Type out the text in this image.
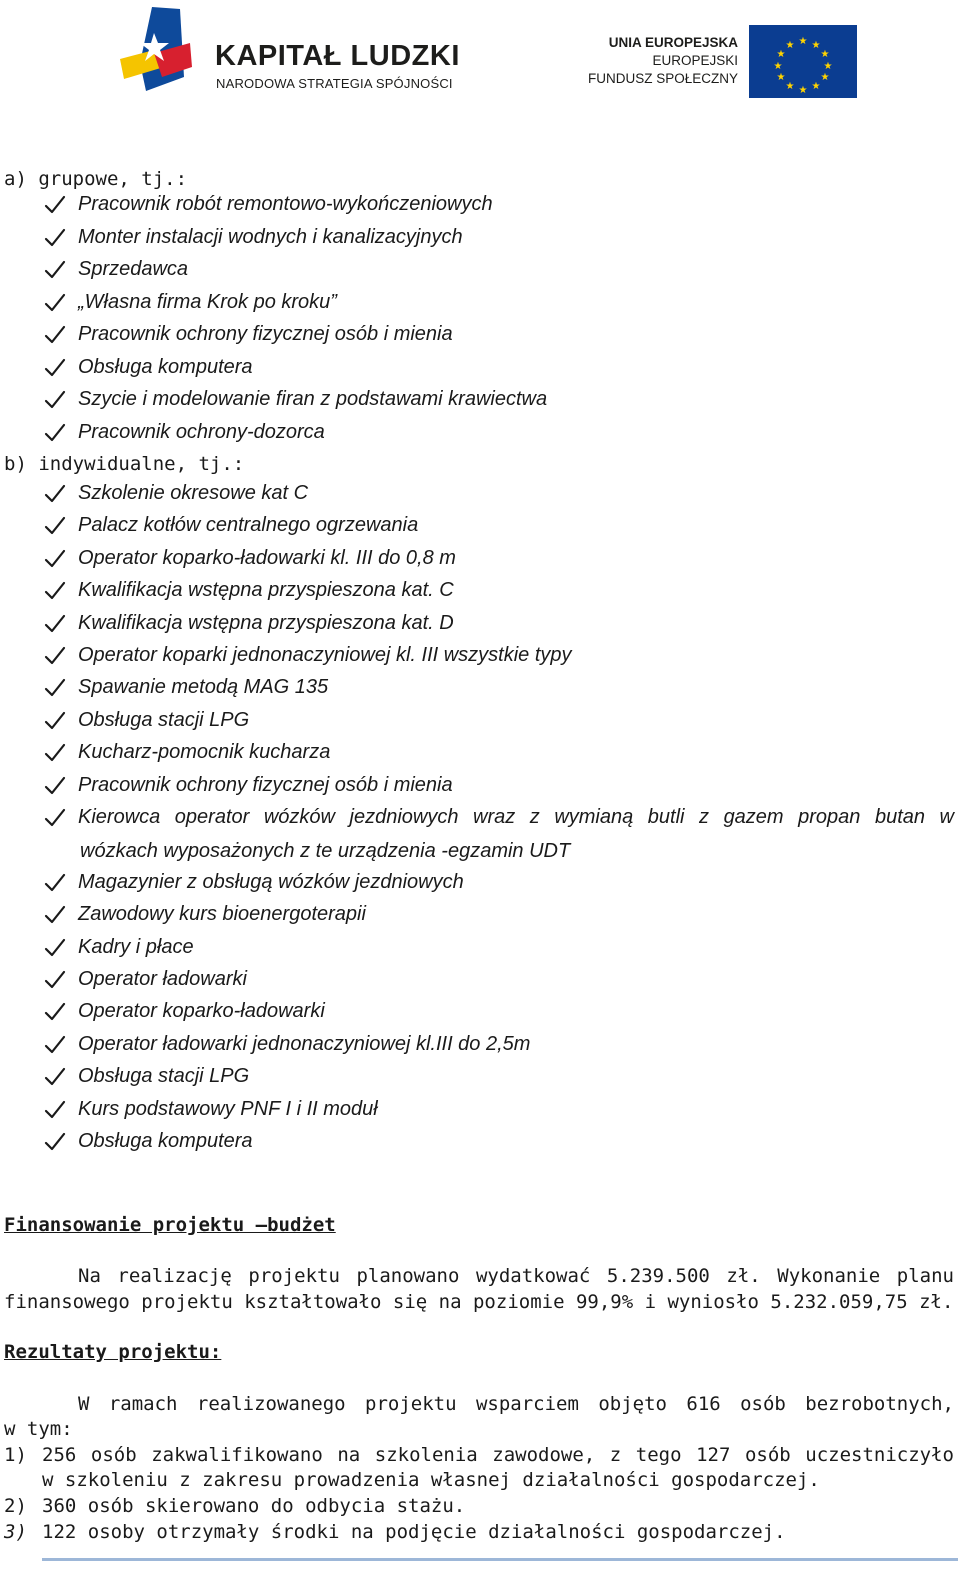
KAPITAŁ LUDZKI
NARODOWA STRATEGIA SPÓJNOŚCI
UNIA EUROPEJSKA
EUROPEJSKI
FUNDUSZ SPOŁECZNY
★ ★
★
★
★
★
★
★
★
★
★
★
a) grupowe, tj.:
Pracownik robót remontowo-wykończeniowych
Monter instalacji wodnych i kanalizacyjnych
Sprzedawca
„Własna firma Krok po kroku”
Pracownik ochrony fizycznej osób i mienia
Obsługa komputera
Szycie i modelowanie firan z podstawami krawiectwa
Pracownik ochrony-dozorca
b) indywidualne, tj.:
Szkolenie okresowe kat C
Palacz kotłów centralnego ogrzewania
Operator koparko-ładowarki kl. III do 0,8 m
Kwalifikacja wstępna przyspieszona kat. C
Kwalifikacja wstępna przyspieszona kat. D
Operator koparki jednonaczyniowej kl. III wszystkie typy
Spawanie metodą MAG 135
Obsługa stacji LPG
Kucharz-pomocnik kucharza
Pracownik ochrony fizycznej osób i mienia
Kierowca operator wózków jezdniowych wraz z wymianą butli z gazem propan butan w
Magazynier z obsługą wózków jezdniowych
Zawodowy kurs bioenergoterapii
Kadry i płace
Operator ładowarki
Operator koparko-ładowarki
Operator ładowarki jednonaczyniowej kl.III do 2,5m
Obsługa stacji LPG
Kurs podstawowy PNF I i II moduł
Obsługa komputera
wózkach wyposażonych z te urządzenia -egzamin UDT
Finansowanie projektu –budżet
Na realizację projektu planowano wydatkować 5.239.500 zł. Wykonanie planu
finansowego projektu kształtowało się na poziomie 99,9% i wyniosło 5.232.059,75 zł.
Rezultaty projektu:
W ramach realizowanego projektu wsparciem objęto 616 osób bezrobotnych,
w tym:
1) 256 osób zakwalifikowano na szkolenia zawodowe, z tego 127 osób uczestniczyło
w szkoleniu z zakresu prowadzenia własnej działalności gospodarczej.
2) 360 osób skierowano do odbycia stażu.
3) 122 osoby otrzymały środki na podjęcie działalności gospodarczej.
